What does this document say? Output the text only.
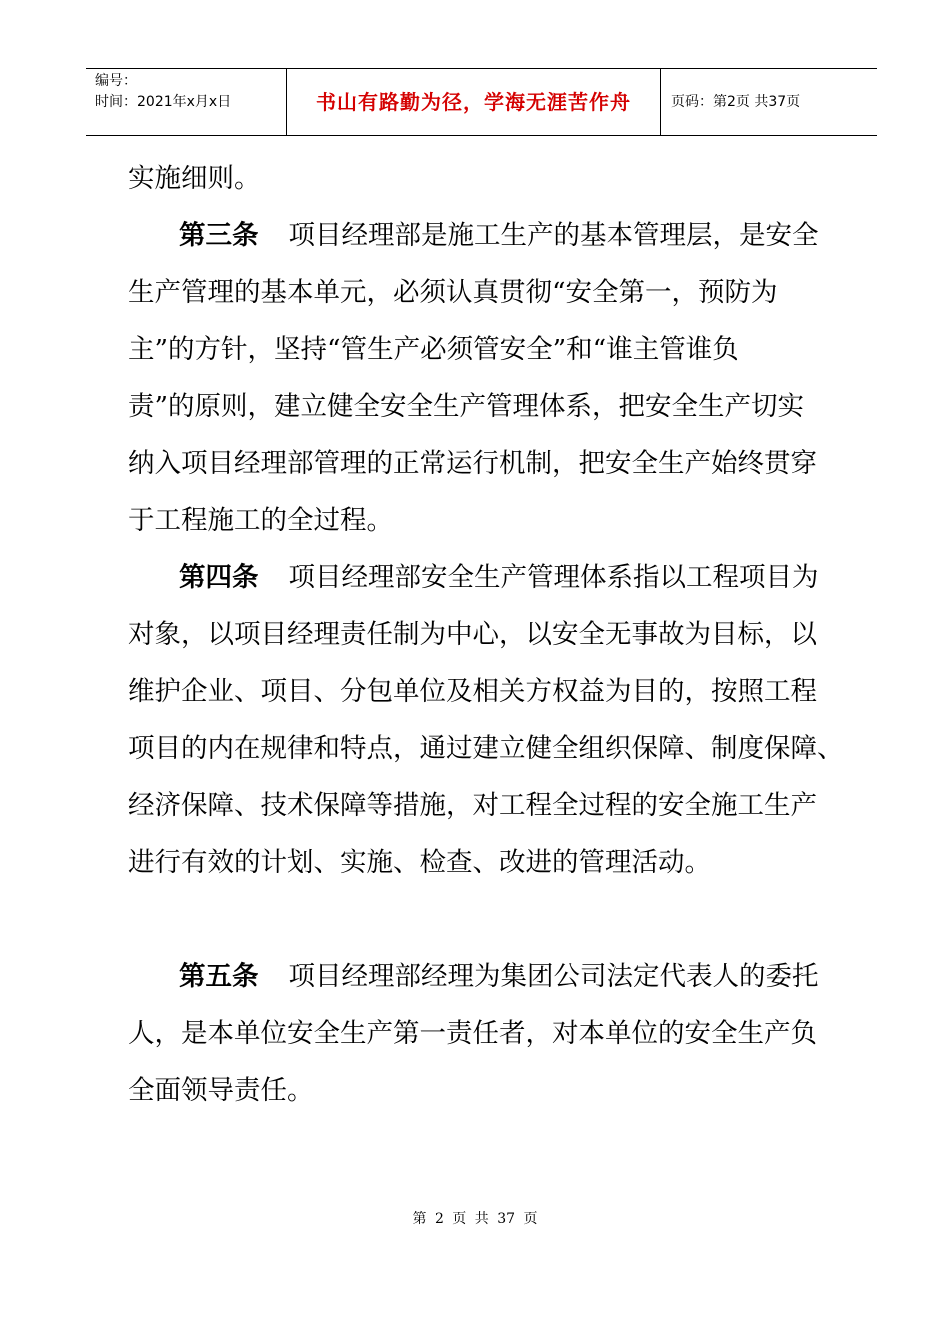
编号：
时间：2021年x月x日	书山有路勤为径，学海无涯苦作舟	页码：第2页 共37页
实施细则。
第三条 项目经理部是施工生产的基本管理层，是安全
生产管理的基本单元，必须认真贯彻“安全第一，预防为
主”的方针，坚持“管生产必须管安全”和“谁主管谁负
责”的原则，建立健全安全生产管理体系，把安全生产切实
纳入项目经理部管理的正常运行机制，把安全生产始终贯穿
于工程施工的全过程。
第四条 项目经理部安全生产管理体系指以工程项目为
对象，以项目经理责任制为中心，以安全无事故为目标，以
维护企业、项目、分包单位及相关方权益为目的，按照工程
项目的内在规律和特点，通过建立健全组织保障、制度保障、
经济保障、技术保障等措施，对工程全过程的安全施工生产
进行有效的计划、实施、检查、改进的管理活动。
第五条 项目经理部经理为集团公司法定代表人的委托
人，是本单位安全生产第一责任者，对本单位的安全生产负
全面领导责任。
第 2 页 共 37 页
